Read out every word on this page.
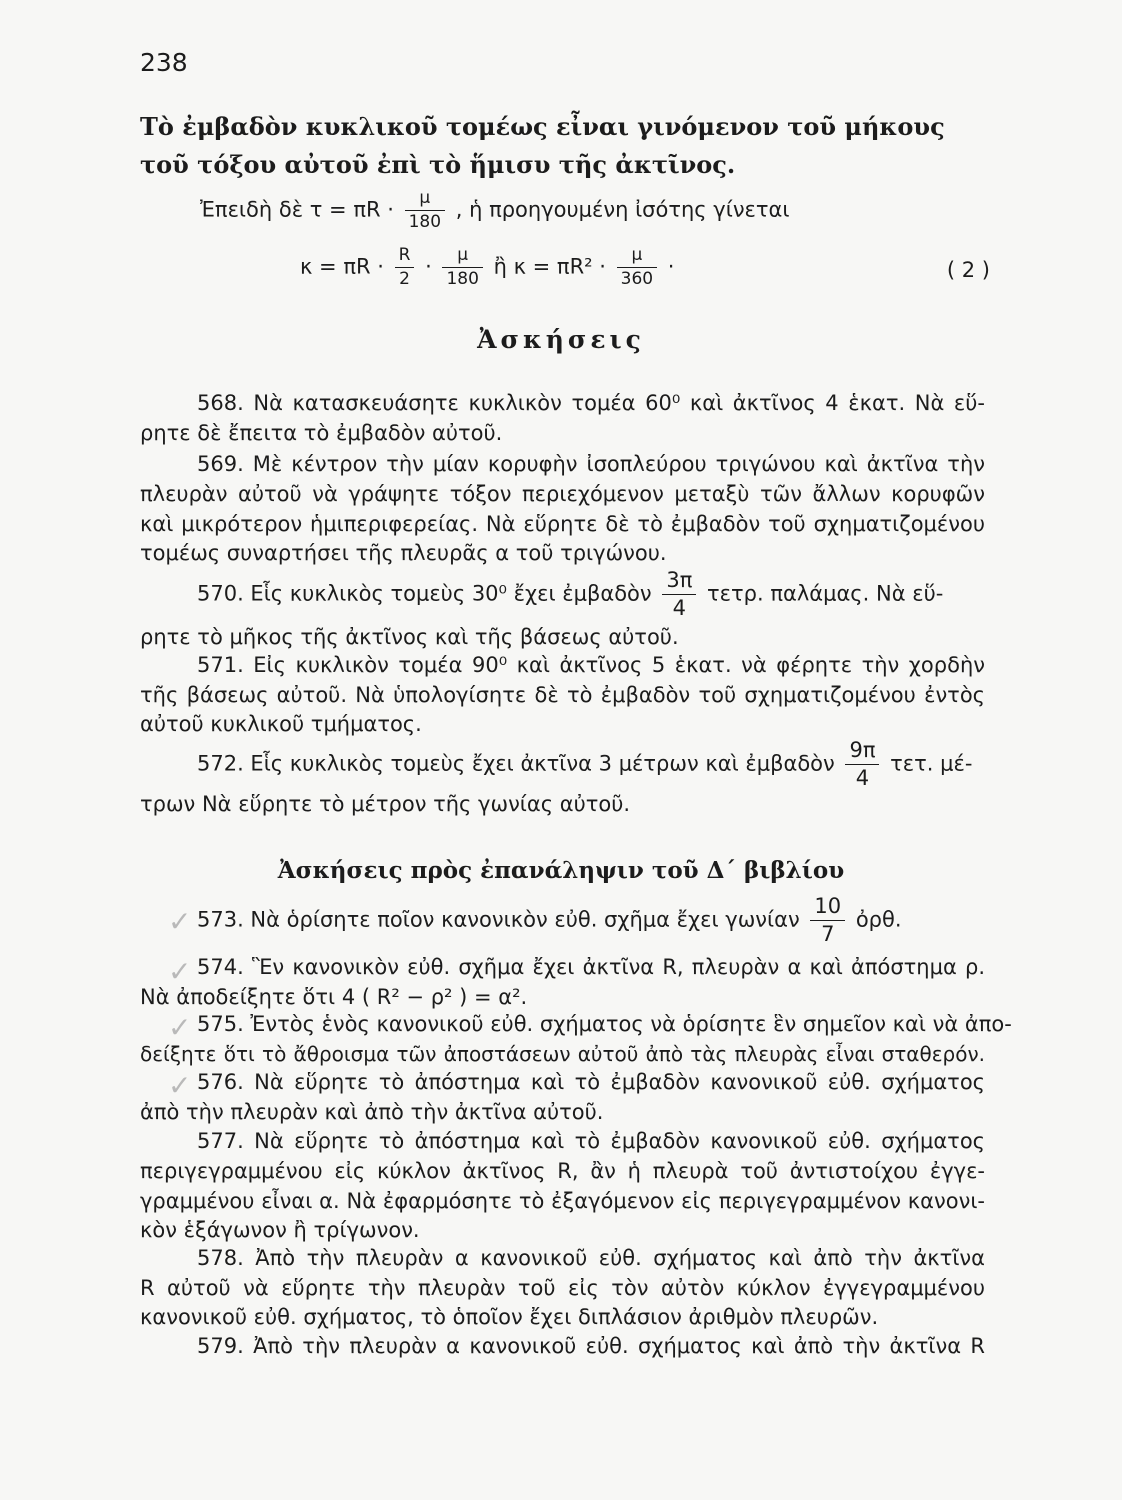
238
Τὸ ἐμβαδὸν κυκλικοῦ τομέως εἶναι γινόμενον τοῦ μήκους
τοῦ τόξου αὐτοῦ ἐπὶ τὸ ἥμισυ τῆς ἀκτῖνος.
Ἐπειδὴ δὲ $\tau = \pi R \cdot \frac{\mu}{180}$ , ἡ προηγουμένη ἰσότης γίνεται
$\kappa = \pi R \cdot \frac{R}{2} \cdot \frac{\mu}{180}$ ἢ $\kappa = \pi R^2 \cdot \frac{\mu}{360}$ ·	( 2 )
Ἀσκήσεις
568. Νὰ κατασκευάσητε κυκλικὸν τομέα 60⁰ καὶ ἀκτῖνος 4 ἑκατ. Νὰ εὕ-
ρητε δὲ ἔπειτα τὸ ἐμβαδὸν αὐτοῦ.
569. Μὲ κέντρον τὴν μίαν κορυφὴν ἰσοπλεύρου τριγώνου καὶ ἀκτῖνα τὴν
πλευρὰν αὐτοῦ νὰ γράψητε τόξον περιεχόμενον μεταξὺ τῶν ἄλλων κορυφῶν
καὶ μικρότερον ἡμιπεριφερείας. Νὰ εὕρητε δὲ τὸ ἐμβαδὸν τοῦ σχηματιζομένου
τομέως συναρτήσει τῆς πλευρᾶς α τοῦ τριγώνου.
570. Εἷς κυκλικὸς τομεὺς 30⁰ ἔχει ἐμβαδὸν $\frac{3\pi}{4} \tau\varepsilon\tau\rho$. παλάμας. Νὰ εὕ-
ρητε τὸ μῆκος τῆς ἀκτῖνος καὶ τῆς βάσεως αὐτοῦ.
571. Εἰς κυκλικὸν τομέα 90⁰ καὶ ἀκτῖνος 5 ἑκατ. νὰ φέρητε τὴν χορδὴν
τῆς βάσεως αὐτοῦ. Νὰ ὑπολογίσητε δὲ τὸ ἐμβαδὸν τοῦ σχηματιζομένου ἐντὸς
αὐτοῦ κυκλικοῦ τμήματος.
572. Εἷς κυκλικὸς τομεὺς ἔχει ἀκτῖνα 3 μέτρων καὶ ἐμβαδὸν $\frac{9\pi}{4} \tau\varepsilon\tau$. μέ-
τρων Νὰ εὕρητε τὸ μέτρον τῆς γωνίας αὐτοῦ.
Ἀσκήσεις πρὸς ἐπανάληψιν τοῦ Δ΄ βιβλίου
✓ 573. Νὰ ὁρίσητε ποῖον κανονικὸν εὐθ. σχῆμα ἔχει γωνίαν $\frac{10}{7}$ ὀρθ.
✓ 574. Ἓν κανονικὸν εὐθ. σχῆμα ἔχει ἀκτῖνα R, πλευρὰν α καὶ ἀπόστημα ρ.
Νὰ ἀποδείξητε ὅτι 4 ( R² − ρ² ) = α².
✓ 575. Ἐντὸς ἑνὸς κανονικοῦ εὐθ. σχήματος νὰ ὁρίσητε ἓν σημεῖον καὶ νὰ ἀπο-
δείξητε ὅτι τὸ ἄθροισμα τῶν ἀποστάσεων αὐτοῦ ἀπὸ τὰς πλευρὰς εἶναι σταθερόν.
✓ 576. Νὰ εὕρητε τὸ ἀπόστημα καὶ τὸ ἐμβαδὸν κανονικοῦ εὐθ. σχήματος
ἀπὸ τὴν πλευρὰν καὶ ἀπὸ τὴν ἀκτῖνα αὐτοῦ.
577. Νὰ εὕρητε τὸ ἀπόστημα καὶ τὸ ἐμβαδὸν κανονικοῦ εὐθ. σχήματος
περιγεγραμμένου εἰς κύκλον ἀκτῖνος R, ἂν ἡ πλευρὰ τοῦ ἀντιστοίχου ἐγγε-
γραμμένου εἶναι α. Νὰ ἐφαρμόσητε τὸ ἐξαγόμενον εἰς περιγεγραμμένον κανονι-
κὸν ἑξάγωνον ἢ τρίγωνον.
578. Ἀπὸ τὴν πλευρὰν α κανονικοῦ εὐθ. σχήματος καὶ ἀπὸ τὴν ἀκτῖνα
R αὐτοῦ νὰ εὕρητε τὴν πλευρὰν τοῦ εἰς τὸν αὐτὸν κύκλον ἐγγεγραμμένου
κανονικοῦ εὐθ. σχήματος, τὸ ὁποῖον ἔχει διπλάσιον ἀριθμὸν πλευρῶν.
579. Ἀπὸ τὴν πλευρὰν α κανονικοῦ εὐθ. σχήματος καὶ ἀπὸ τὴν ἀκτῖνα R
